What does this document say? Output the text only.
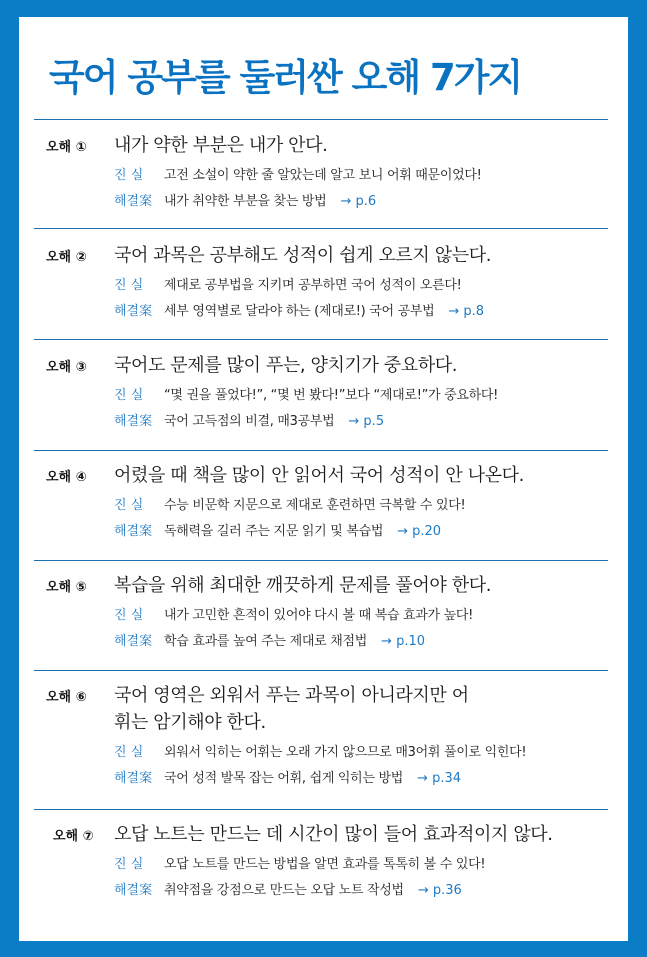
국어 공부를 둘러싼 오해 7가지
오해 ① 내가 약한 부분은 내가 안다.
진 실 고전 소설이 약한 줄 알았는데 알고 보니 어휘 때문이었다!
해결案 내가 취약한 부분을 찾는 방법 → p.6
오해 ② 국어 과목은 공부해도 성적이 쉽게 오르지 않는다.
진 실 제대로 공부법을 지키며 공부하면 국어 성적이 오른다!
해결案 세부 영역별로 달라야 하는 (제대로!) 국어 공부법 → p.8
오해 ③ 국어도 문제를 많이 푸는, 양치기가 중요하다.
진 실 “몇 권을 풀었다!”, “몇 번 봤다!”보다 “제대로!”가 중요하다!
해결案 국어 고득점의 비결, 매3공부법 → p.5
오해 ④ 어렸을 때 책을 많이 안 읽어서 국어 성적이 안 나온다.
진 실 수능 비문학 지문으로 제대로 훈련하면 극복할 수 있다!
해결案 독해력을 길러 주는 지문 읽기 및 복습법 → p.20
오해 ⑤ 복습을 위해 최대한 깨끗하게 문제를 풀어야 한다.
진 실 내가 고민한 흔적이 있어야 다시 볼 때 복습 효과가 높다!
해결案 학습 효과를 높여 주는 제대로 채점법 → p.10
오해 ⑥ 국어 영역은 외워서 푸는 과목이 아니라지만 어휘는 암기해야 한다.
진 실 외워서 익히는 어휘는 오래 가지 않으므로 매3어휘 풀이로 익힌다!
해결案 국어 성적 발목 잡는 어휘, 쉽게 익히는 방법 → p.34
오해 ⑦ 오답 노트는 만드는 데 시간이 많이 들어 효과적이지 않다.
진 실 오답 노트를 만드는 방법을 알면 효과를 톡톡히 볼 수 있다!
해결案 취약점을 강점으로 만드는 오답 노트 작성법 → p.36
